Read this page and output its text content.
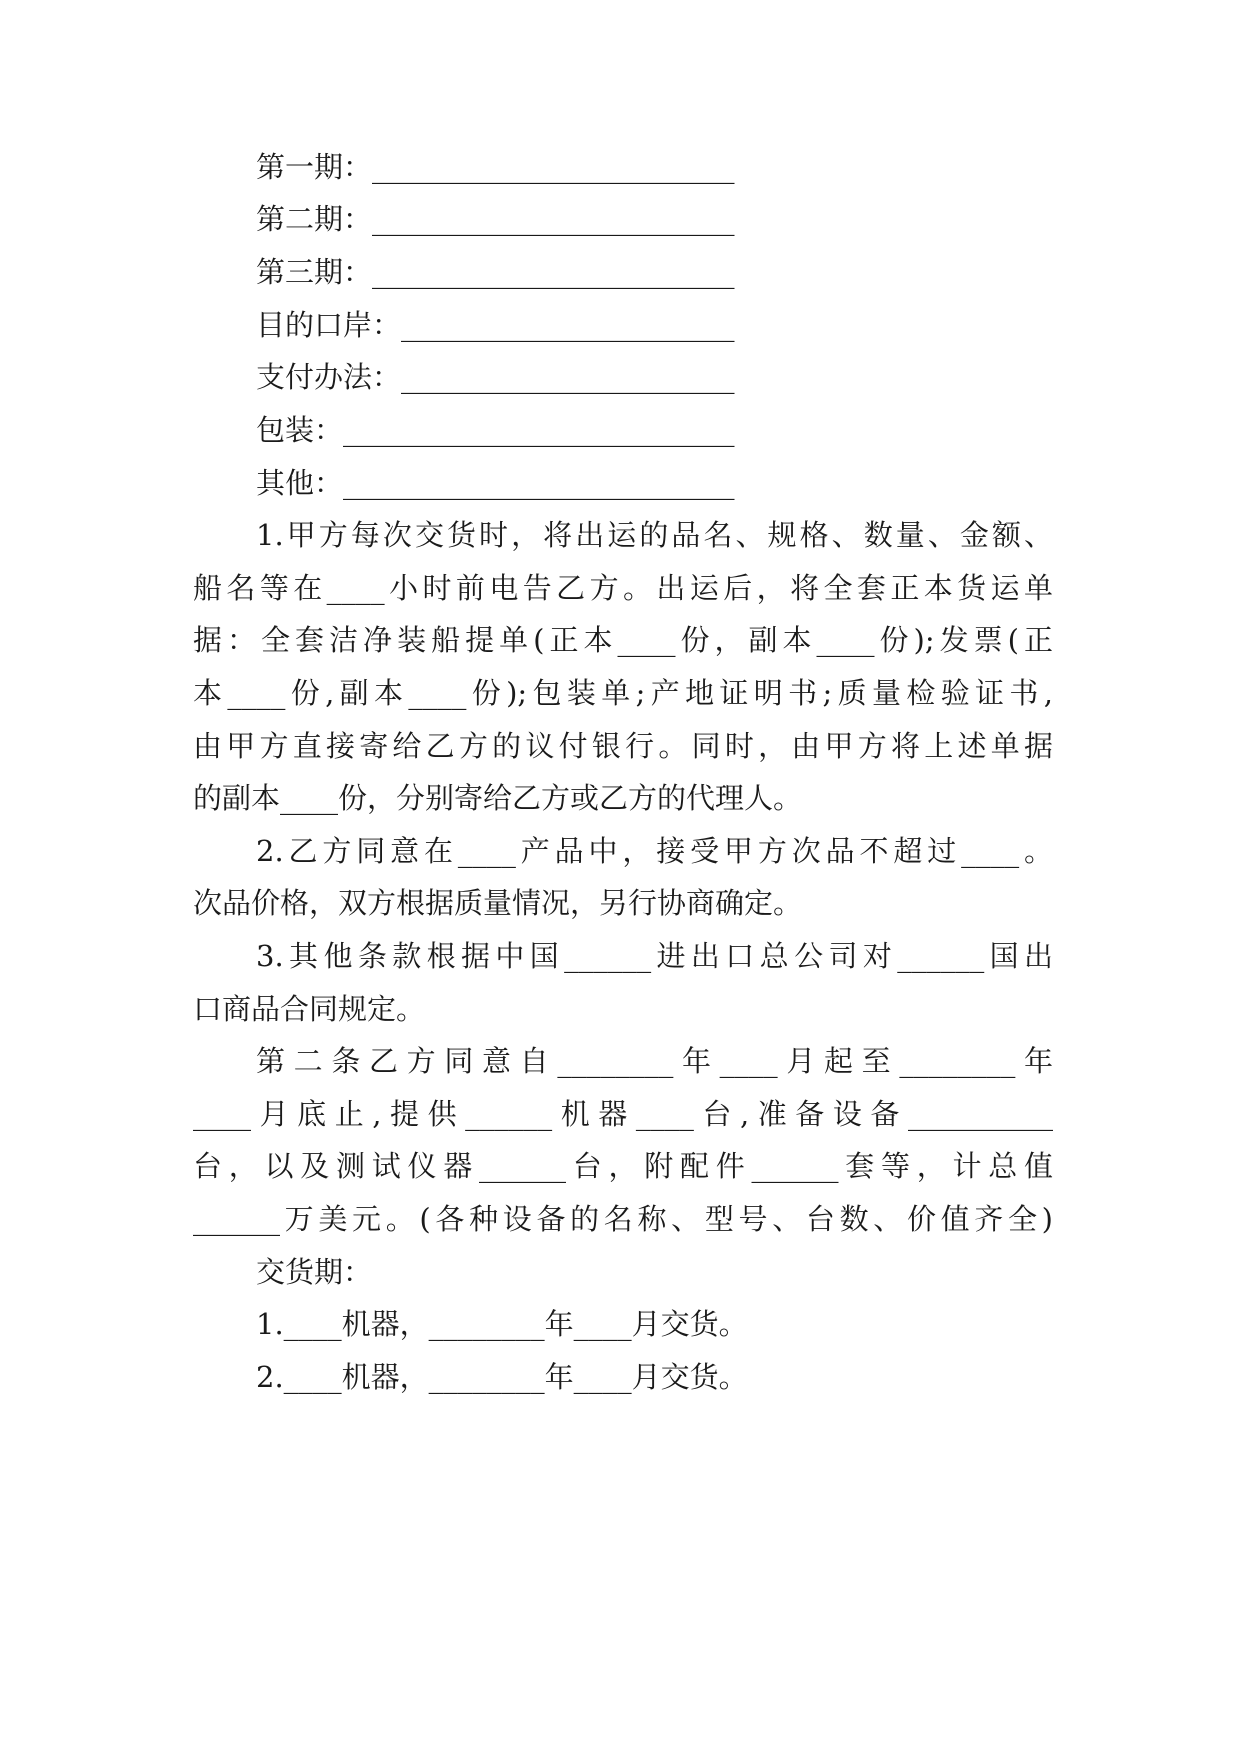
第一期：_________________________
第二期：_________________________
第三期：_________________________
目的口岸：_______________________
支付办法：_______________________
包装：___________________________
其他：___________________________
1.甲方每次交货时，将出运的品名、规格、数量、金额、
船名等在____小时前电告乙方。出运后，将全套正本货运单
据：全套洁净装船提单(正本____份，副本____份);发票(正
本____份,副本____份);包装单;产地证明书;质量检验证书,
由甲方直接寄给乙方的议付银行。同时，由甲方将上述单据
的副本____份，分别寄给乙方或乙方的代理人。
2.乙方同意在____产品中，接受甲方次品不超过____。
次品价格，双方根据质量情况，另行协商确定。
3.其他条款根据中国______进出口总公司对______国出
口商品合同规定。
第二条乙方同意自________年____月起至________年
____月底止,提供______机器____台,准备设备__________
台，以及测试仪器______台，附配件______套等，计总值
______万美元。(各种设备的名称、型号、台数、价值齐全)
交货期：
1.____机器，________年____月交货。
2.____机器，________年____月交货。
